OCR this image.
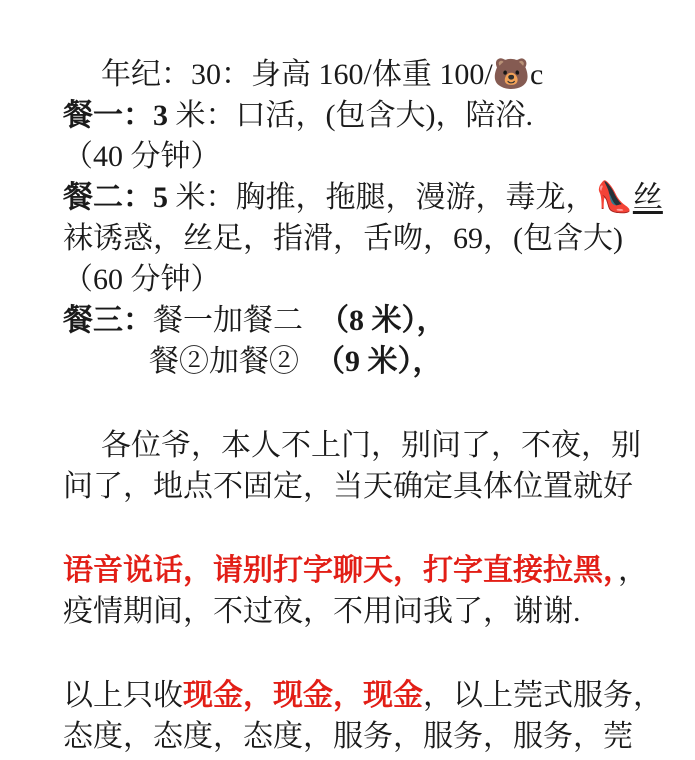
年纪：30：身高 160/体重 100/🐻c
餐一：3 米：口活，(包含大)，陪浴.
（40 分钟）
餐二：5 米：胸推，拖腿，漫游，毒龙，👠丝
袜诱惑，丝足，指滑，舌吻，69，(包含大)
（60 分钟）
餐三：餐一加餐二 （8 米），
餐②加餐② （9 米），
各位爷，本人不上门，别问了，不夜，别
问了，地点不固定，当天确定具体位置就好
语音说话，请别打字聊天，打字直接拉黑，，
疫情期间，不过夜，不用问我了，谢谢.
以上只收现金，现金，现金，以上莞式服务，
态度，态度，态度，服务，服务，服务，莞
